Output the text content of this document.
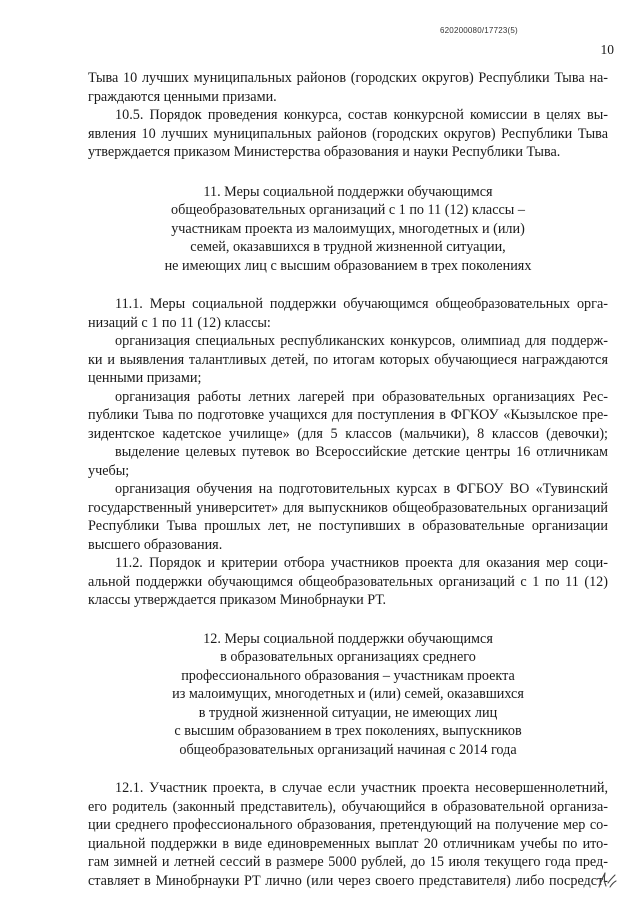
620200080/17723(5)
10

Тыва 10 лучших муниципальных районов (городских округов) Республики Тыва на-
граждаются ценными призами.

10.5. Порядок проведения конкурса, состав конкурсной комиссии в целях вы-
явления 10 лучших муниципальных районов (городских округов) Республики Тыва
утверждается приказом Министерства образования и науки Республики Тыва.

11. Меры социальной поддержки обучающимся
общеобразовательных организаций с 1 по 11 (12) классы –
участникам проекта из малоимущих, многодетных и (или)
семей, оказавшихся в трудной жизненной ситуации,
не имеющих лиц с высшим образованием в трех поколениях

11.1. Меры социальной поддержки обучающимся общеобразовательных орга-
низаций с 1 по 11 (12) классы:

организация специальных республиканских конкурсов, олимпиад для поддерж-
ки и выявления талантливых детей, по итогам которых обучающиеся награждаются
ценными призами;

организация работы летних лагерей при образовательных организациях Рес-
публики Тыва по подготовке учащихся для поступления в ФГКОУ «Кызылское пре-
зидентское кадетское училище» (для 5 классов (мальчики), 8 классов (девочки);

выделение целевых путевок во Всероссийские детские центры 16 отличникам
учебы;

организация обучения на подготовительных курсах в ФГБОУ ВО «Тувинский
государственный университет» для выпускников общеобразовательных организаций
Республики Тыва прошлых лет, не поступивших в образовательные организации
высшего образования.

11.2. Порядок и критерии отбора участников проекта для оказания мер соци-
альной поддержки обучающимся общеобразовательных организаций с 1 по 11 (12)
классы утверждается приказом Минобрнауки РТ.

12. Меры социальной поддержки обучающимся
в образовательных организациях среднего
профессионального образования – участникам проекта
из малоимущих, многодетных и (или) семей, оказавшихся
в трудной жизненной ситуации, не имеющих лиц
с высшим образованием в трех поколениях, выпускников
общеобразовательных организаций начиная с 2014 года

12.1. Участник проекта, в случае если участник проекта несовершеннолетний,
его родитель (законный представитель), обучающийся в образовательной организа-
ции среднего профессионального образования, претендующий на получение мер со-
циальной поддержки в виде единовременных выплат 20 отличникам учебы по ито-
гам зимней и летней сессий в размере 5000 рублей, до 15 июля текущего года пред-
ставляет в Минобрнауки РТ лично (или через своего представителя) либо посредст-
